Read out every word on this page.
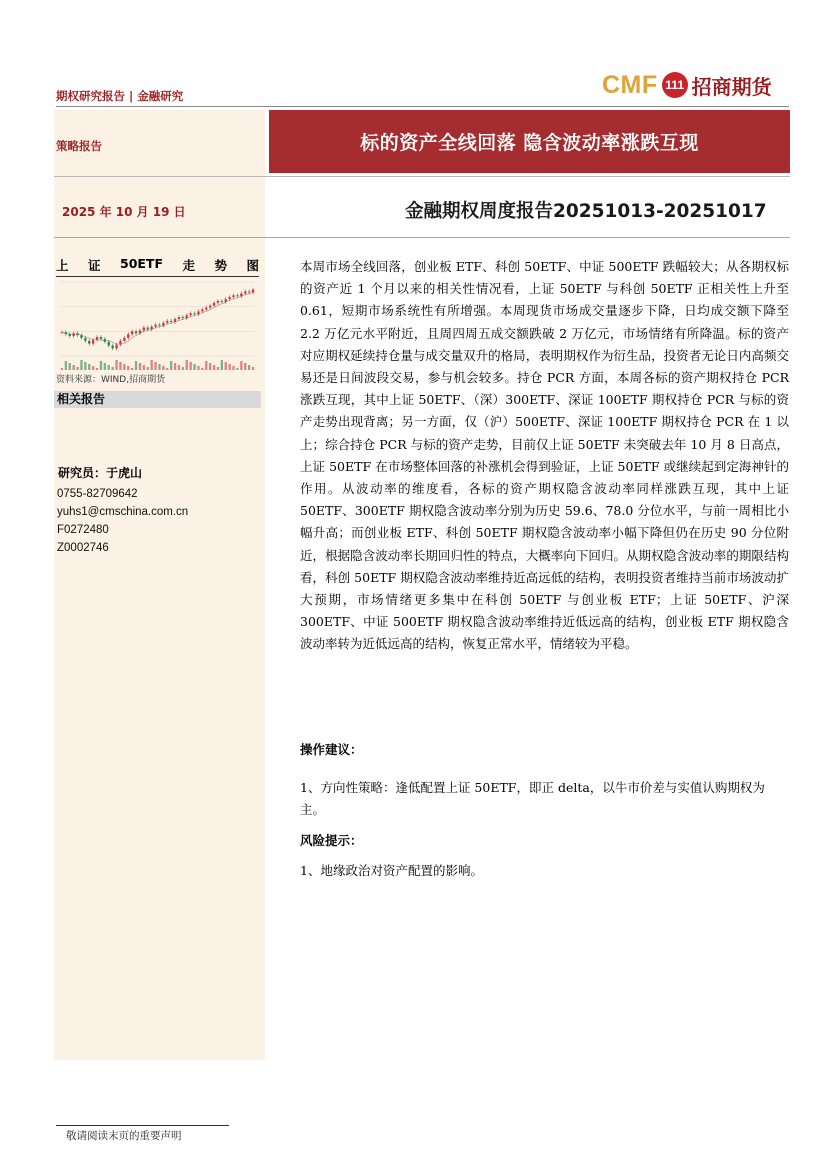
期权研究报告 | 金融研究	CMF 111 招商期货
策略报告	标的资产全线回落 隐含波动率涨跌互现
2025 年 10 月 19 日	金融期权周度报告20251013-20251017
上 证 50ETF 走 势 图
资料来源：WIND,招商期货
相关报告
研究员：于虎山
0755-82709642
yuhs1@cmschina.com.cn
F0272480
Z0002746
本周市场全线回落，创业板 ETF、科创 50ETF、中证 500ETF 跌幅较大；从各期权标的资产近 1 个月以来的相关性情况看，上证 50ETF 与科创 50ETF 正相关性上升至 0.61，短期市场系统性有所增强。本周现货市场成交量逐步下降，日均成交额下降至 2.2 万亿元水平附近，且周四周五成交额跌破 2 万亿元，市场情绪有所降温。标的资产对应期权延续持仓量与成交量双升的格局，表明期权作为衍生品，投资者无论日内高频交易还是日间波段交易，参与机会较多。持仓 PCR 方面，本周各标的资产期权持仓 PCR 涨跌互现，其中上证 50ETF、（深）300ETF、深证 100ETF 期权持仓 PCR 与标的资产走势出现背离；另一方面，仅（沪）500ETF、深证 100ETF 期权持仓 PCR 在 1 以上；综合持仓 PCR 与标的资产走势，目前仅上证 50ETF 未突破去年 10 月 8 日高点，上证 50ETF 在市场整体回落的补涨机会得到验证，上证 50ETF 或继续起到定海神针的作用。从波动率的维度看，各标的资产期权隐含波动率同样涨跌互现，其中上证 50ETF、300ETF 期权隐含波动率分别为历史 59.6、78.0 分位水平，与前一周相比小幅升高；而创业板 ETF、科创 50ETF 期权隐含波动率小幅下降但仍在历史 90 分位附近，根据隐含波动率长期回归性的特点，大概率向下回归。从期权隐含波动率的期限结构看，科创 50ETF 期权隐含波动率维持近高远低的结构，表明投资者维持当前市场波动扩大预期，市场情绪更多集中在科创 50ETF 与创业板 ETF；上证 50ETF、沪深 300ETF、中证 500ETF 期权隐含波动率维持近低远高的结构，创业板 ETF 期权隐含波动率转为近低远高的结构，恢复正常水平，情绪较为平稳。
操作建议：
1、方向性策略：逢低配置上证 50ETF，即正 delta，以牛市价差与实值认购期权为主。
风险提示：
1、地缘政治对资产配置的影响。
敬请阅读末页的重要声明
